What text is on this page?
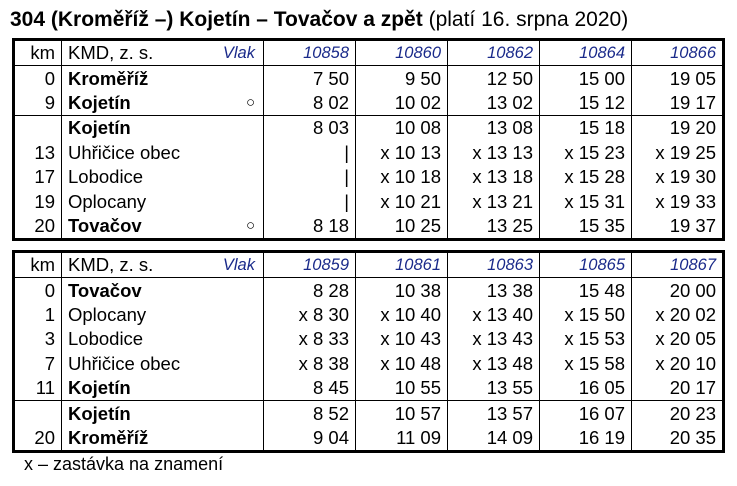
304 (Kroměříž –) Kojetín – Tovačov a zpět (platí 16. srpna 2020)
km	KMD, z. s. Vlak	10858	10860	10862	10864	10866
0	Kroměříž	7 50	9 50	12 50	15 00	19 05
9	Kojetín ○	8 02	10 02	13 02	15 12	19 17
	Kojetín	8 03	10 08	13 08	15 18	19 20
13	Uhřičice obec	|	x 10 13	x 13 13	x 15 23	x 19 25
17	Lobodice	|	x 10 18	x 13 18	x 15 28	x 19 30
19	Oplocany	|	x 10 21	x 13 21	x 15 31	x 19 33
20	Tovačov ○	8 18	10 25	13 25	15 35	19 37
km	KMD, z. s. Vlak	10859	10861	10863	10865	10867
0	Tovačov	8 28	10 38	13 38	15 48	20 00
1	Oplocany	x 8 30	x 10 40	x 13 40	x 15 50	x 20 02
3	Lobodice	x 8 33	x 10 43	x 13 43	x 15 53	x 20 05
7	Uhřičice obec	x 8 38	x 10 48	x 13 48	x 15 58	x 20 10
11	Kojetín	8 45	10 55	13 55	16 05	20 17
	Kojetín	8 52	10 57	13 57	16 07	20 23
20	Kroměříž	9 04	11 09	14 09	16 19	20 35
x – zastávka na znamení
